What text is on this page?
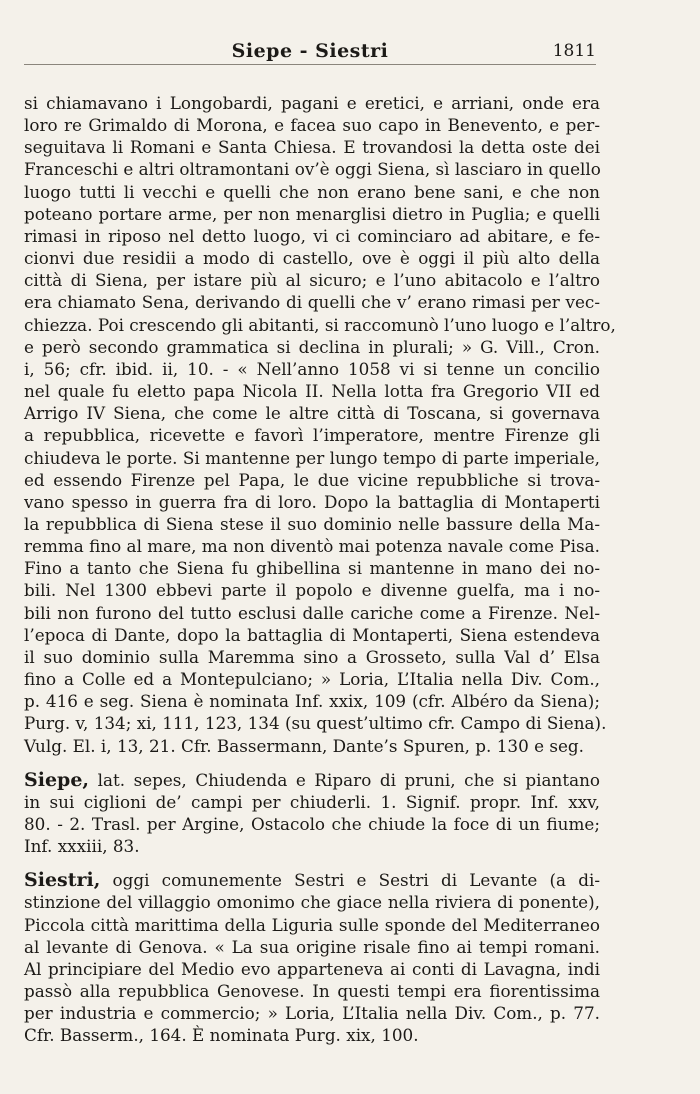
Siepe - Siestri	1811

si chiamavano i Longobardi, pagani e eretici, e arriani, onde era
loro re Grimaldo di Morona, e facea suo capo in Benevento, e per-
seguitava li Romani e Santa Chiesa. E trovandosi la detta oste dei
Franceschi e altri oltramontani ov’è oggi Siena, sì lasciaro in quello
luogo tutti li vecchi e quelli che non erano bene sani, e che non
poteano portare arme, per non menarglisi dietro in Puglia; e quelli
rimasi in riposo nel detto luogo, vi ci cominciaro ad abitare, e fe-
cionvi due residii a modo di castello, ove è oggi il più alto della
città di Siena, per istare più al sicuro; e l’uno abitacolo e l’altro
era chiamato Sena, derivando di quelli che v’ erano rimasi per vec-
chiezza. Poi crescendo gli abitanti, si raccomunò l’uno luogo e l’altro,
e però secondo grammatica si declina in plurali; » G. Vill., Cron.
i, 56; cfr. ibid. ii, 10. - « Nell’anno 1058 vi si tenne un concilio
nel quale fu eletto papa Nicola II. Nella lotta fra Gregorio VII ed
Arrigo IV Siena, che come le altre città di Toscana, si governava
a repubblica, ricevette e favorì l’imperatore, mentre Firenze gli
chiudeva le porte. Si mantenne per lungo tempo di parte imperiale,
ed essendo Firenze pel Papa, le due vicine repubbliche si trova-
vano spesso in guerra fra di loro. Dopo la battaglia di Montaperti
la repubblica di Siena stese il suo dominio nelle bassure della Ma-
remma fino al mare, ma non diventò mai potenza navale come Pisa.
Fino a tanto che Siena fu ghibellina si mantenne in mano dei no-
bili. Nel 1300 ebbevi parte il popolo e divenne guelfa, ma i no-
bili non furono del tutto esclusi dalle cariche come a Firenze. Nel-
l’epoca di Dante, dopo la battaglia di Montaperti, Siena estendeva
il suo dominio sulla Maremma sino a Grosseto, sulla Val d’ Elsa
fino a Colle ed a Montepulciano; » Loria, L’Italia nella Div. Com.,
p. 416 e seg. Siena è nominata Inf. xxix, 109 (cfr. Albéro da Siena);
Purg. v, 134; xi, 111, 123, 134 (su quest’ultimo cfr. Campo di Siena).
Vulg. El. i, 13, 21. Cfr. Bassermann, Dante’s Spuren, p. 130 e seg.

Siepe, lat. sepes, Chiudenda e Riparo di pruni, che si piantano
in sui ciglioni de’ campi per chiuderli. 1. Signif. propr. Inf. xxv,
80. - 2. Trasl. per Argine, Ostacolo che chiude la foce di un fiume;
Inf. xxxiii, 83.

Siestri, oggi comunemente Sestri e Sestri di Levante (a di-
stinzione del villaggio omonimo che giace nella riviera di ponente),
Piccola città marittima della Liguria sulle sponde del Mediterraneo
al levante di Genova. « La sua origine risale fino ai tempi romani.
Al principiare del Medio evo apparteneva ai conti di Lavagna, indi
passò alla repubblica Genovese. In questi tempi era fiorentissima
per industria e commercio; » Loria, L’Italia nella Div. Com., p. 77.
Cfr. Basserm., 164. È nominata Purg. xix, 100.
